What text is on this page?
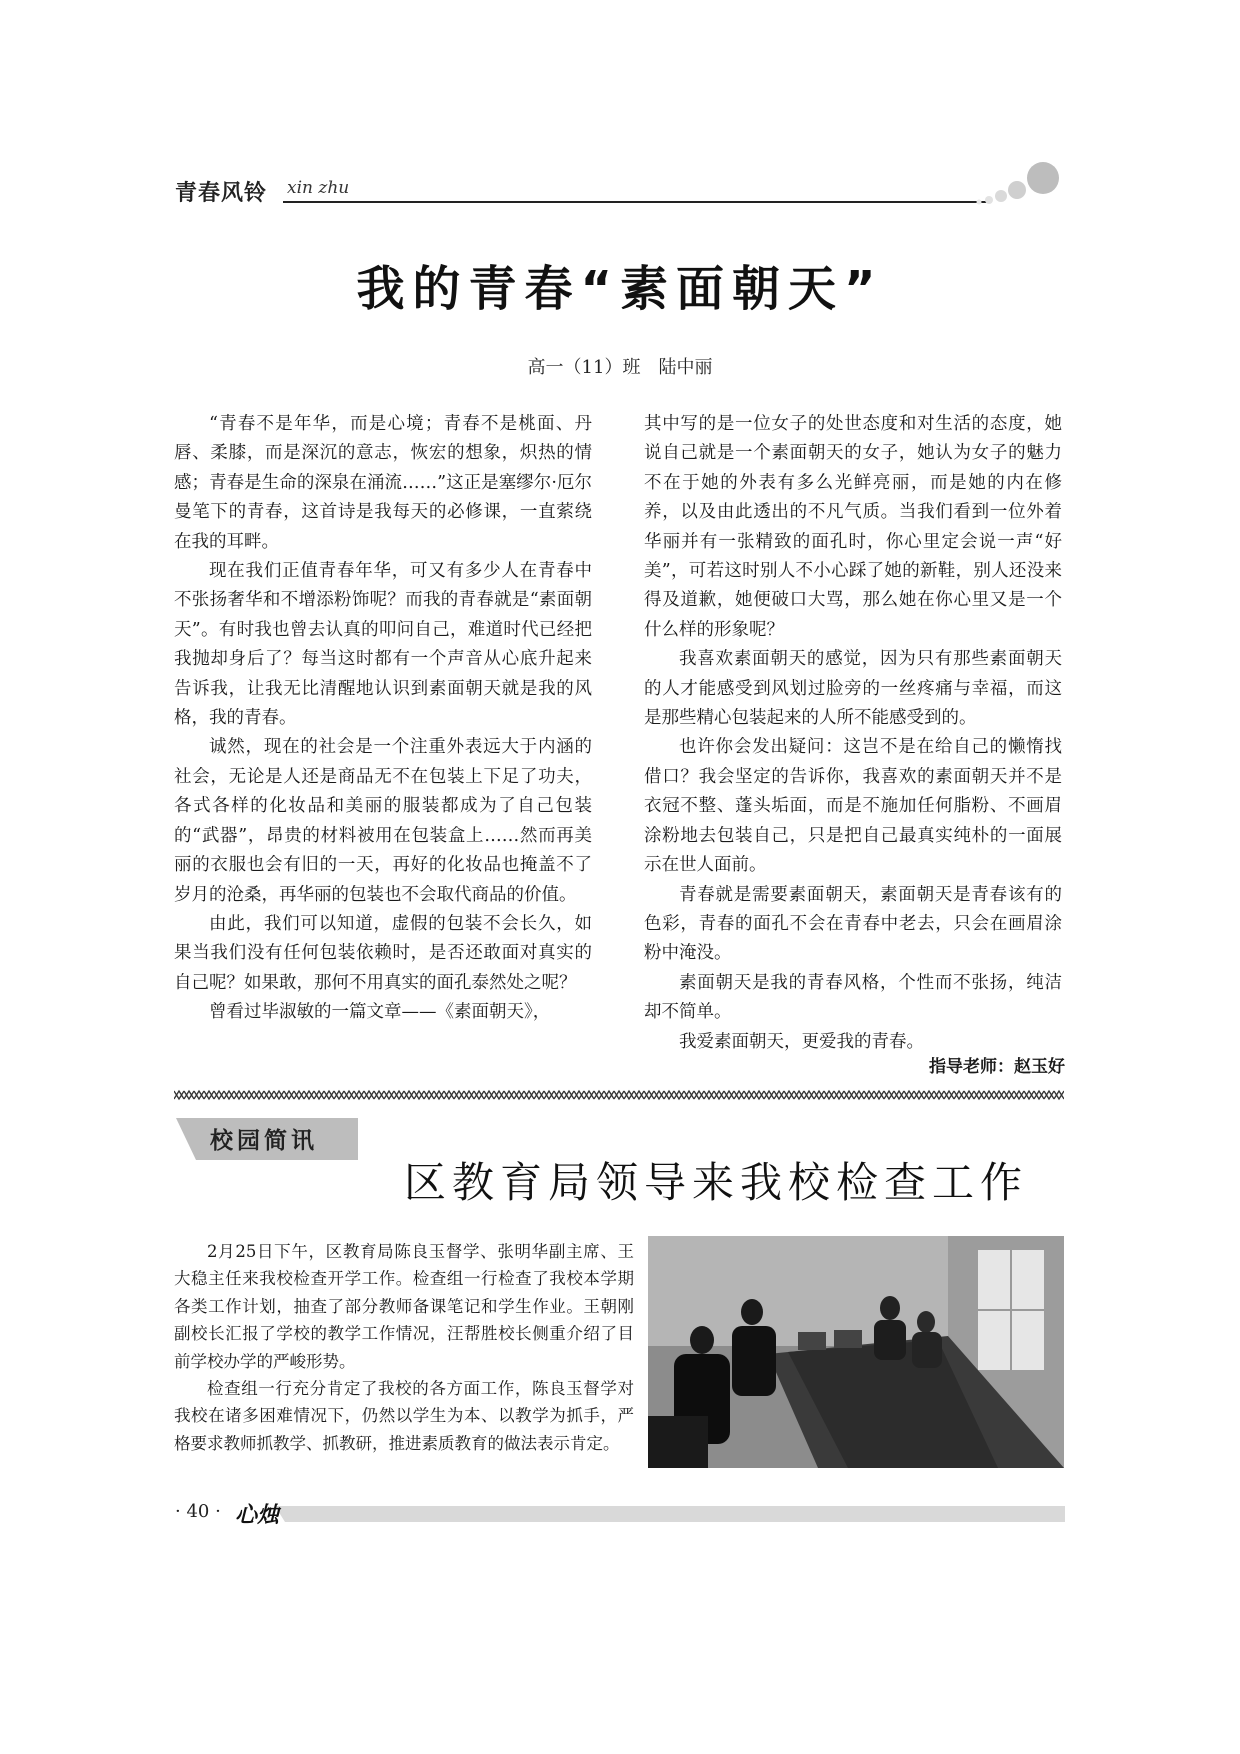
青春风铃 xin zhu
我的青春“素面朝天”
高一（11）班　陆中丽

“青春不是年华，而是心境；青春不是桃面、丹唇、柔膝，而是深沉的意志，恢宏的想象，炽热的情感；青春是生命的深泉在涌流……”这正是塞缪尔·厄尔曼笔下的青春，这首诗是我每天的必修课，一直萦绕在我的耳畔。

现在我们正值青春年华，可又有多少人在青春中不张扬奢华和不增添粉饰呢？而我的青春就是“素面朝天”。有时我也曾去认真的叩问自己，难道时代已经把我抛却身后了？每当这时都有一个声音从心底升起来告诉我，让我无比清醒地认识到素面朝天就是我的风格，我的青春。

诚然，现在的社会是一个注重外表远大于内涵的社会，无论是人还是商品无不在包装上下足了功夫，各式各样的化妆品和美丽的服装都成为了自己包装的“武器”，昂贵的材料被用在包装盒上……然而再美丽的衣服也会有旧的一天，再好的化妆品也掩盖不了岁月的沧桑，再华丽的包装也不会取代商品的价值。

由此，我们可以知道，虚假的包装不会长久，如果当我们没有任何包装依赖时，是否还敢面对真实的自己呢？如果敢，那何不用真实的面孔泰然处之呢？

曾看过毕淑敏的一篇文章——《素面朝天》，

其中写的是一位女子的处世态度和对生活的态度，她说自己就是一个素面朝天的女子，她认为女子的魅力不在于她的外表有多么光鲜亮丽，而是她的内在修养，以及由此透出的不凡气质。当我们看到一位外着华丽并有一张精致的面孔时，你心里定会说一声“好美”，可若这时别人不小心踩了她的新鞋，别人还没来得及道歉，她便破口大骂，那么她在你心里又是一个什么样的形象呢？

我喜欢素面朝天的感觉，因为只有那些素面朝天的人才能感受到风划过脸旁的一丝疼痛与幸福，而这是那些精心包装起来的人所不能感受到的。

也许你会发出疑问：这岂不是在给自己的懒惰找借口？我会坚定的告诉你，我喜欢的素面朝天并不是衣冠不整、蓬头垢面，而是不施加任何脂粉、不画眉涂粉地去包装自己，只是把自己最真实纯朴的一面展示在世人面前。

青春就是需要素面朝天，素面朝天是青春该有的色彩，青春的面孔不会在青春中老去，只会在画眉涂粉中淹没。

素面朝天是我的青春风格，个性而不张扬，纯洁却不简单。

我爱素面朝天，更爱我的青春。

指导老师：赵玉好
校园简讯
区教育局领导来我校检查工作

2月25日下午，区教育局陈良玉督学、张明华副主席、王大稳主任来我校检查开学工作。检查组一行检查了我校本学期各类工作计划，抽查了部分教师备课笔记和学生作业。王朝刚副校长汇报了学校的教学工作情况，汪帮胜校长侧重介绍了目前学校办学的严峻形势。

检查组一行充分肯定了我校的各方面工作，陈良玉督学对我校在诸多困难情况下，仍然以学生为本、以教学为抓手，严格要求教师抓教学、抓教研，推进素质教育的做法表示肯定。

· 40 · 心烛
